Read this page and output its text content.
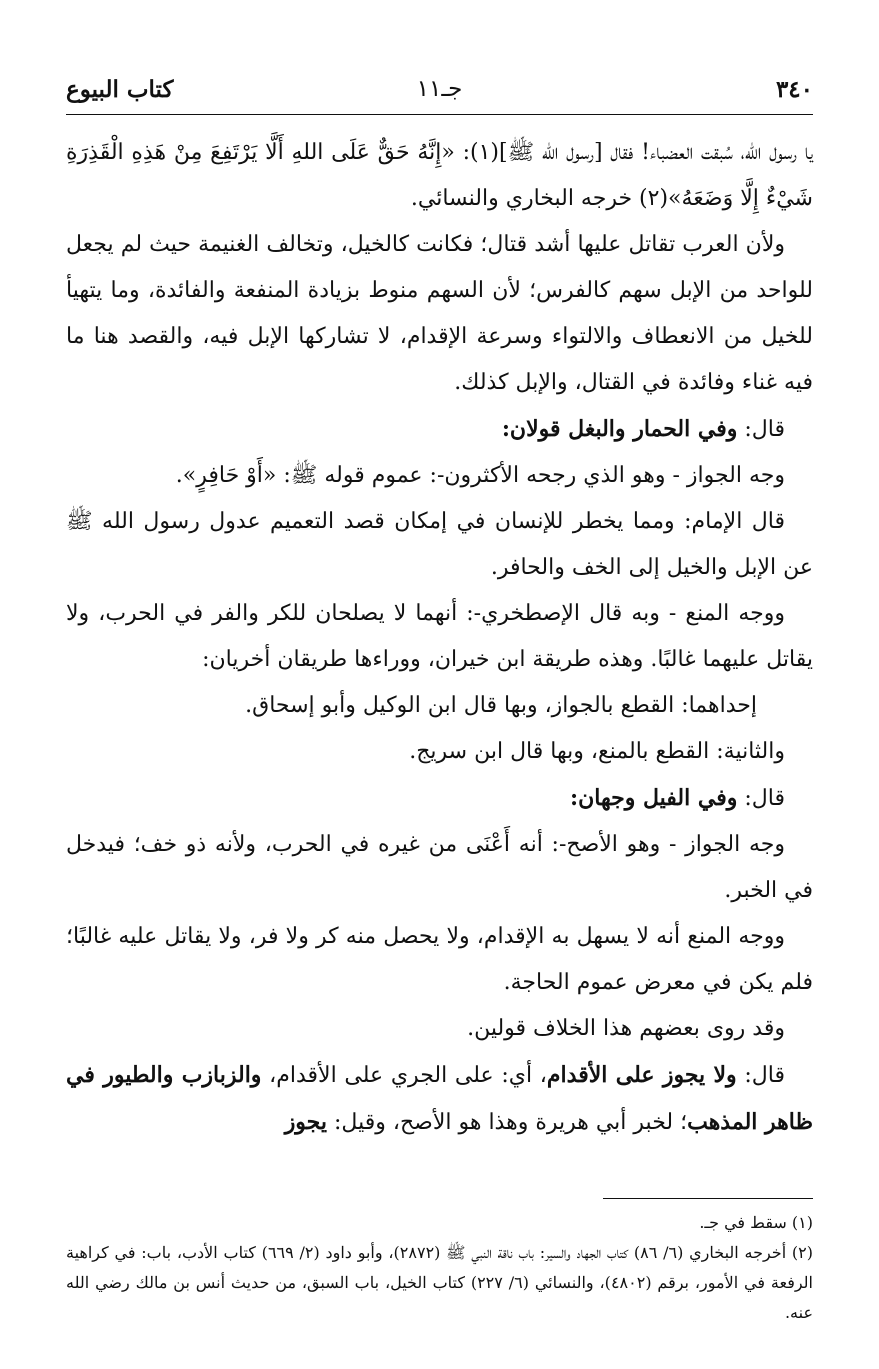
٣٤٠
جـ١١
كتاب البيوع

يا رسول الله، سُبقت العضباء! فقال [رسول الله ﷺ](١): «إِنَّهُ حَقٌّ عَلَى اللهِ أَلَّا يَرْتَفِعَ مِنْ هَذِهِ الْقَذِرَةِ شَيْءٌ إِلَّا وَضَعَهُ»(٢) خرجه البخاري والنسائي.

ولأن العرب تقاتل عليها أشد قتال؛ فكانت كالخيل، وتخالف الغنيمة حيث لم يجعل للواحد من الإبل سهم كالفرس؛ لأن السهم منوط بزيادة المنفعة والفائدة، وما يتهيأ للخيل من الانعطاف والالتواء وسرعة الإقدام، لا تشاركها الإبل فيه، والقصد هنا ما فيه غناء وفائدة في القتال، والإبل كذلك.

قال: وفي الحمار والبغل قولان:

وجه الجواز - وهو الذي رجحه الأكثرون-: عموم قوله ﷺ: «أَوْ حَافِرٍ».

قال الإمام: ومما يخطر للإنسان في إمكان قصد التعميم عدول رسول الله ﷺ عن الإبل والخيل إلى الخف والحافر.

ووجه المنع - وبه قال الإصطخري-: أنهما لا يصلحان للكر والفر في الحرب، ولا يقاتل عليهما غالبًا. وهذه طريقة ابن خيران، ووراءها طريقان أخريان:

إحداهما: القطع بالجواز، وبها قال ابن الوكيل وأبو إسحاق.

والثانية: القطع بالمنع، وبها قال ابن سريج.

قال: وفي الفيل وجهان:

وجه الجواز - وهو الأصح-: أنه أَعْنَى من غيره في الحرب، ولأنه ذو خف؛ فيدخل في الخبر.

ووجه المنع أنه لا يسهل به الإقدام، ولا يحصل منه كر ولا فر، ولا يقاتل عليه غالبًا؛ فلم يكن في معرض عموم الحاجة.

وقد روى بعضهم هذا الخلاف قولين.

قال: ولا يجوز على الأقدام، أي: على الجري على الأقدام، والزبازب والطيور في ظاهر المذهب؛ لخبر أبي هريرة وهذا هو الأصح، وقيل: يجوز

(١) سقط في جـ.

(٢) أخرجه البخاري (٦/ ٨٦) كتاب الجهاد والسير: باب ناقة النبي ﷺ (٢٨٧٢)، وأبو داود (٢/ ٦٦٩) كتاب الأدب، باب: في كراهية الرفعة في الأمور، برقم (٤٨٠٢)، والنسائي (٦/ ٢٢٧) كتاب الخيل، باب السبق، من حديث أنس بن مالك رضي الله عنه.
